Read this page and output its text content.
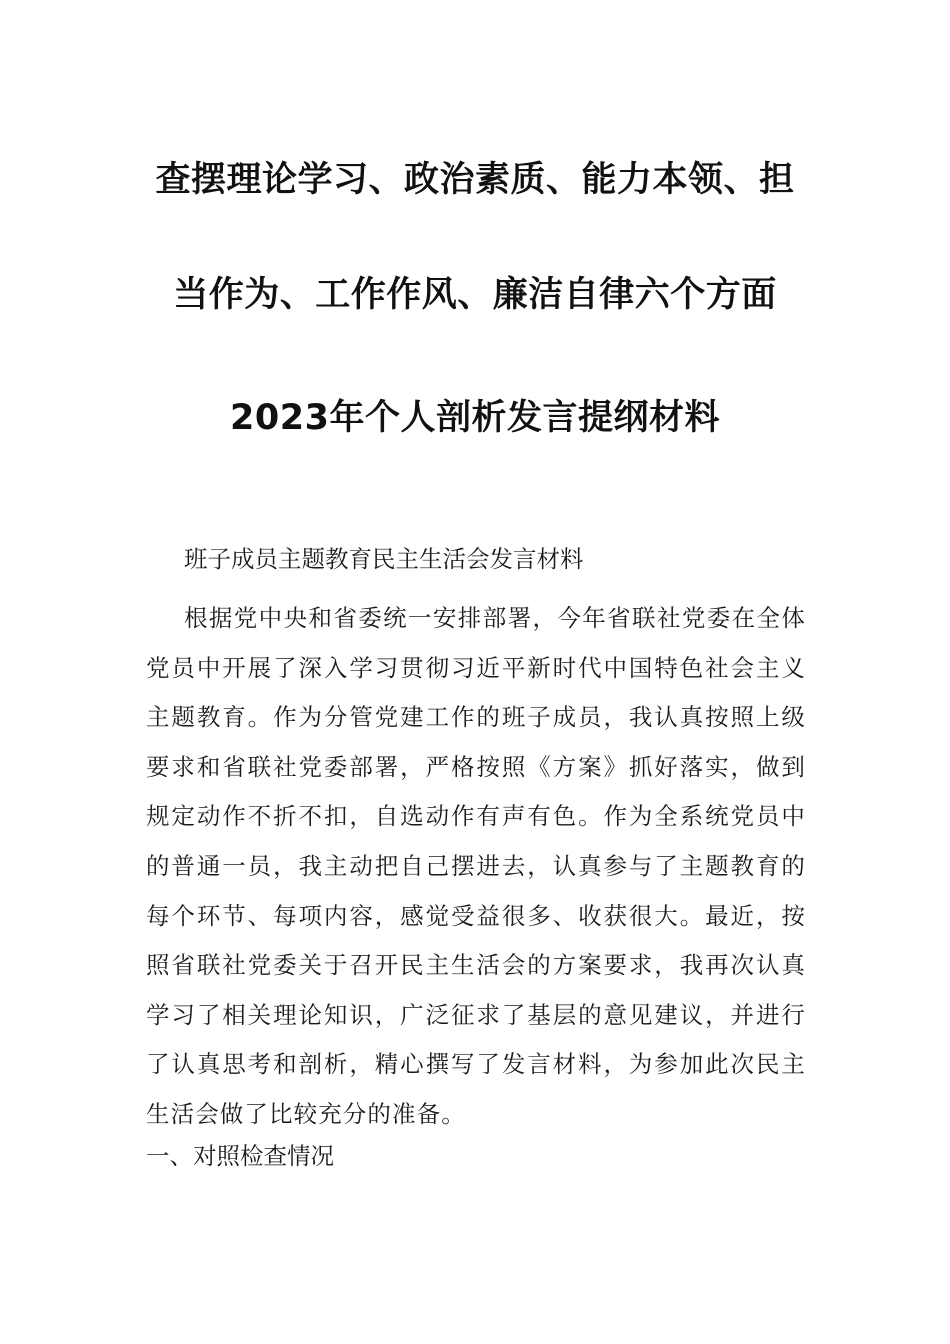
查摆理论学习、政治素质、能力本领、担
当作为、工作作风、廉洁自律六个方面
2023年个人剖析发言提纲材料
班子成员主题教育民主生活会发言材料
根据党中央和省委统一安排部署，今年省联社党委在全体党员中开展了深入学习贯彻习近平新时代中国特色社会主义主题教育。作为分管党建工作的班子成员，我认真按照上级要求和省联社党委部署，严格按照《方案》抓好落实，做到规定动作不折不扣，自选动作有声有色。作为全系统党员中的普通一员，我主动把自己摆进去，认真参与了主题教育的每个环节、每项内容，感觉受益很多、收获很大。最近，按照省联社党委关于召开民主生活会的方案要求，我再次认真学习了相关理论知识，广泛征求了基层的意见建议，并进行了认真思考和剖析，精心撰写了发言材料，为参加此次民主生活会做了比较充分的准备。
一、对照检查情况
